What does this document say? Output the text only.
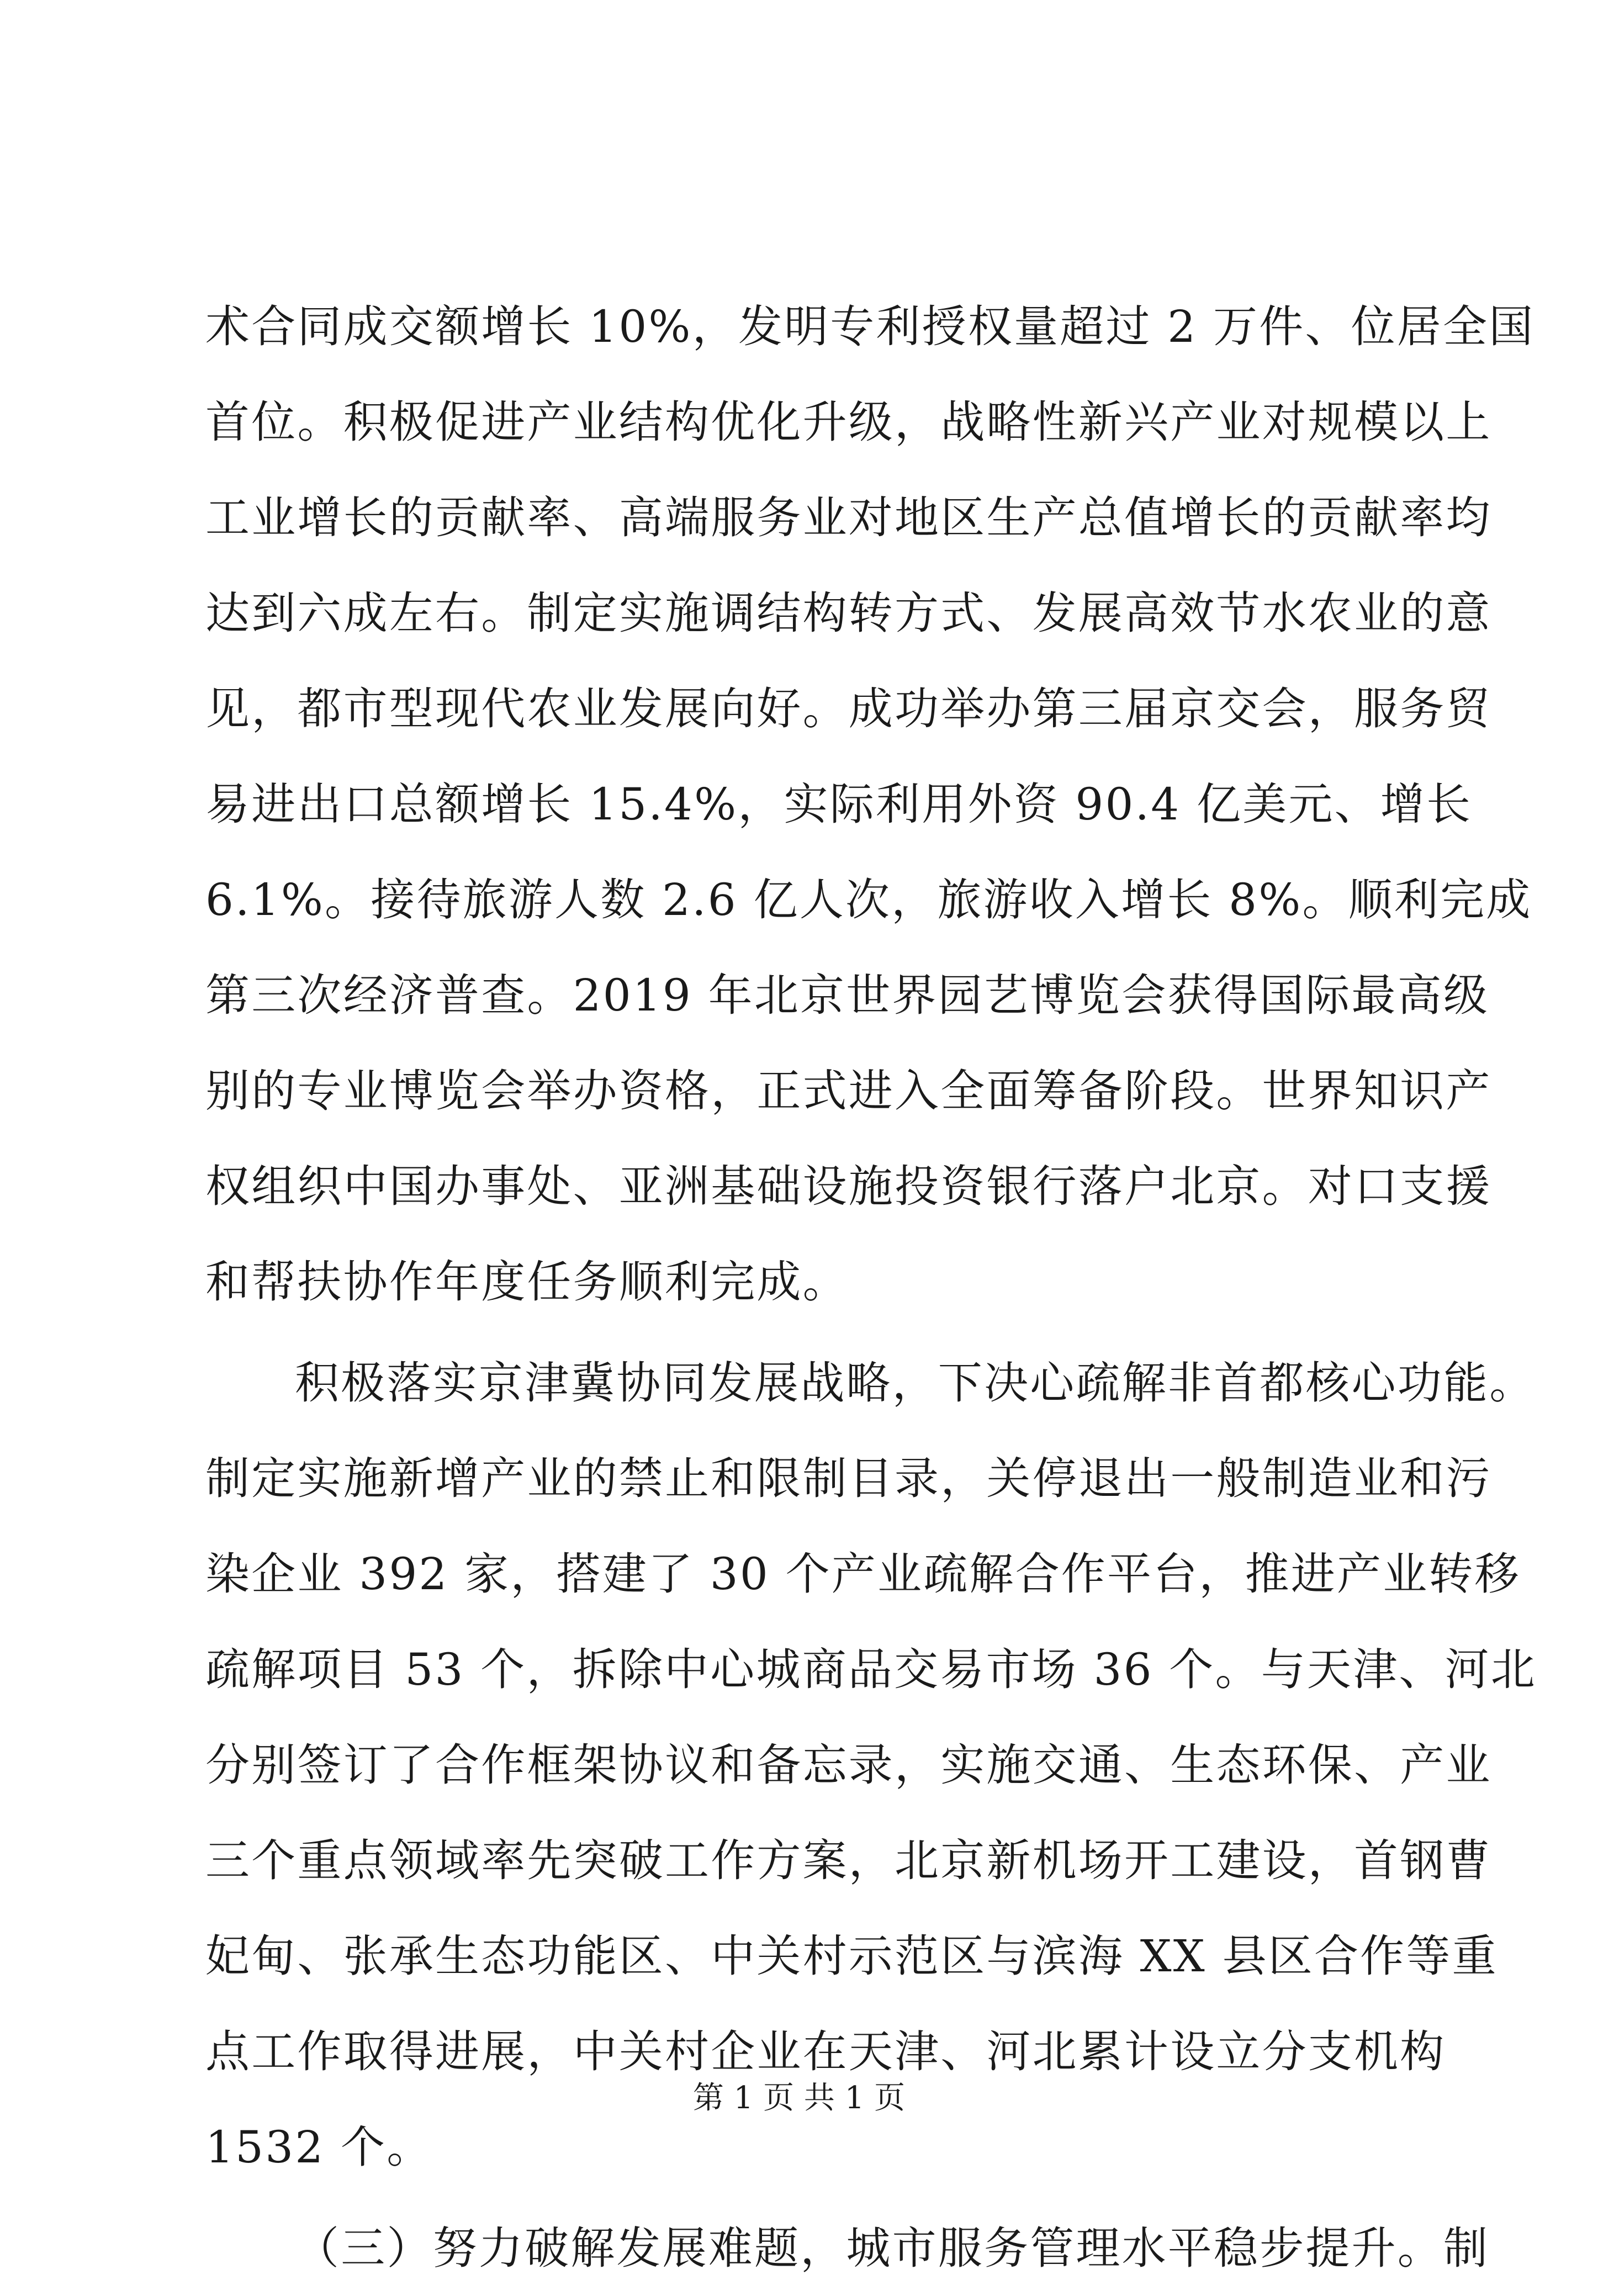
术合同成交额增长 10%，发明专利授权量超过 2 万件、位居全国
首位。积极促进产业结构优化升级，战略性新兴产业对规模以上
工业增长的贡献率、高端服务业对地区生产总值增长的贡献率均
达到六成左右。制定实施调结构转方式、发展高效节水农业的意
见，都市型现代农业发展向好。成功举办第三届京交会，服务贸
易进出口总额增长 15.4%，实际利用外资 90.4 亿美元、增长
6.1%。接待旅游人数 2.6 亿人次，旅游收入增长 8%。顺利完成
第三次经济普查。2019 年北京世界园艺博览会获得国际最高级
别的专业博览会举办资格，正式进入全面筹备阶段。世界知识产
权组织中国办事处、亚洲基础设施投资银行落户北京。对口支援
和帮扶协作年度任务顺利完成。
积极落实京津冀协同发展战略，下决心疏解非首都核心功能。
制定实施新增产业的禁止和限制目录，关停退出一般制造业和污
染企业 392 家，搭建了 30 个产业疏解合作平台，推进产业转移
疏解项目 53 个，拆除中心城商品交易市场 36 个。与天津、河北
分别签订了合作框架协议和备忘录，实施交通、生态环保、产业
三个重点领域率先突破工作方案，北京新机场开工建设，首钢曹
妃甸、张承生态功能区、中关村示范区与滨海 XX 县区合作等重
点工作取得进展，中关村企业在天津、河北累计设立分支机构
1532 个。
（三）努力破解发展难题，城市服务管理水平稳步提升。制
第 1 页 共 1 页
